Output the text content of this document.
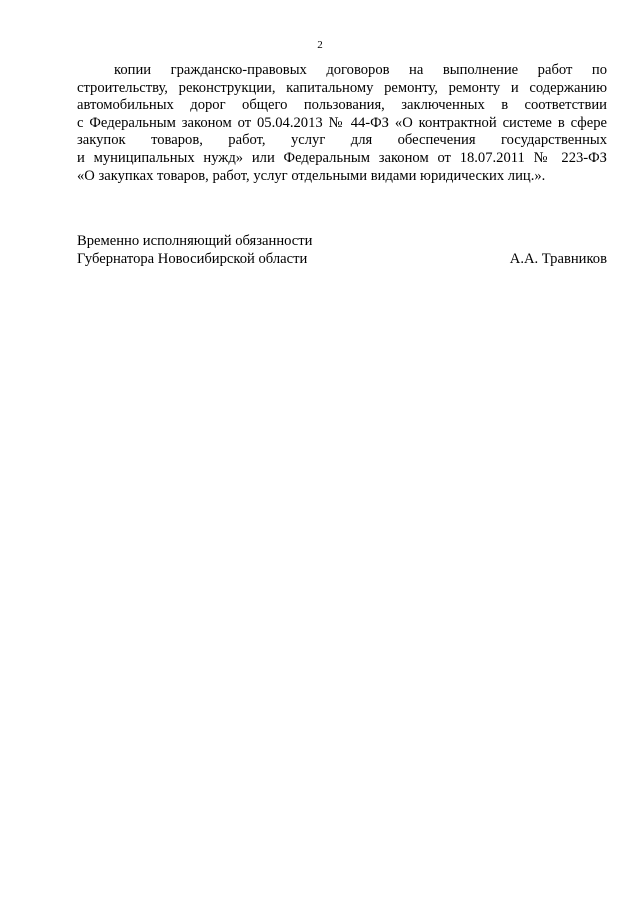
2
копии гражданско-правовых договоров на выполнение работ по
строительству, реконструкции, капитальному ремонту, ремонту и содержанию
автомобильных дорог общего пользования, заключенных в соответствии
с Федеральным законом от 05.04.2013 № 44-ФЗ «О контрактной системе в сфере
закупок товаров, работ, услуг для обеспечения государственных
и муниципальных нужд» или Федеральным законом от 18.07.2011 № 223-ФЗ
«О закупках товаров, работ, услуг отдельными видами юридических лиц.».
Временно исполняющий обязанности
Губернатора Новосибирской области	А.А. Травников
